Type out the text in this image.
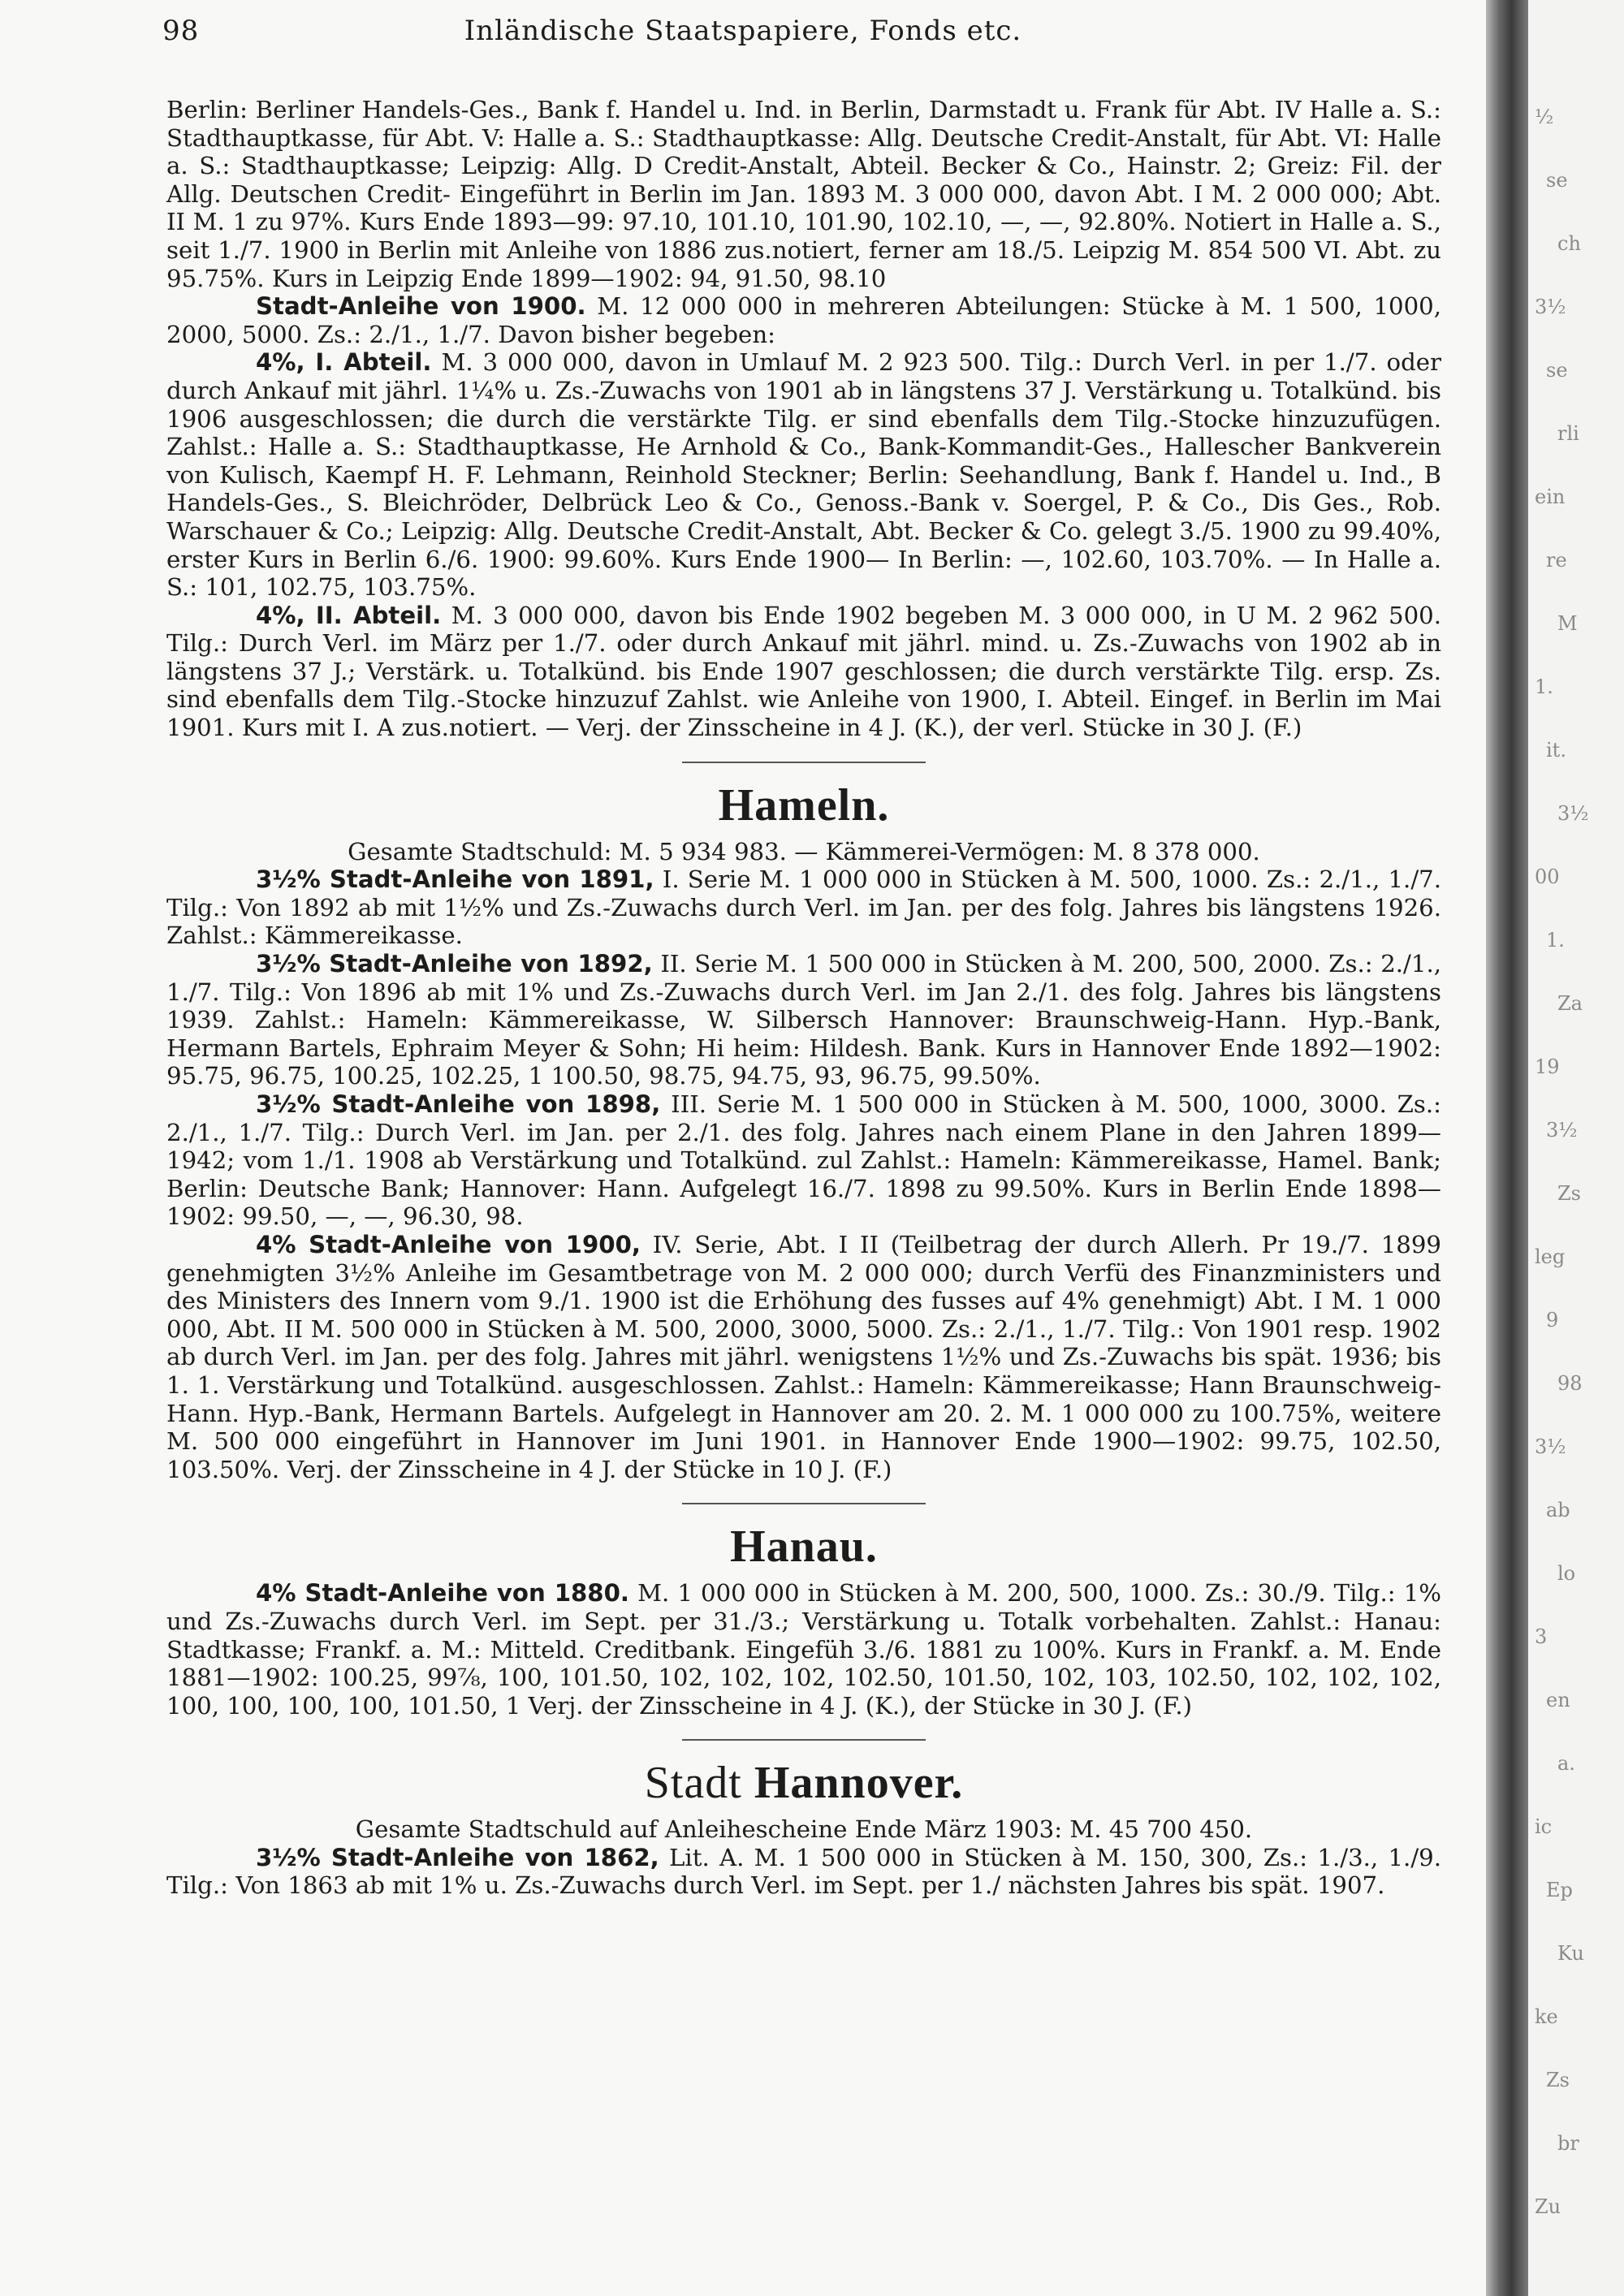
98	Inländische Staatspapiere, Fonds etc.

Berlin: Berliner Handels-Ges., Bank f. Handel u. Ind. in Berlin, Darmstadt u. Frank für Abt. IV Halle a. S.: Stadthauptkasse, für Abt. V: Halle a. S.: Stadthauptkasse: Allg. Deutsche Credit-Anstalt, für Abt. VI: Halle a. S.: Stadthauptkasse; Leipzig: Allg. D Credit-Anstalt, Abteil. Becker & Co., Hainstr. 2; Greiz: Fil. der Allg. Deutschen Credit- Eingeführt in Berlin im Jan. 1893 M. 3 000 000, davon Abt. I M. 2 000 000; Abt. II M. 1 zu 97%. Kurs Ende 1893—99: 97.10, 101.10, 101.90, 102.10, —, —, 92.80%. Notiert in Halle a. S., seit 1./7. 1900 in Berlin mit Anleihe von 1886 zus.notiert, ferner am 18./5. Leipzig M. 854 500 VI. Abt. zu 95.75%. Kurs in Leipzig Ende 1899—1902: 94, 91.50, 98.10

Stadt-Anleihe von 1900. M. 12 000 000 in mehreren Abteilungen: Stücke à M. 1 500, 1000, 2000, 5000. Zs.: 2./1., 1./7. Davon bisher begeben:

4%, I. Abteil. M. 3 000 000, davon in Umlauf M. 2 923 500. Tilg.: Durch Verl. in per 1./7. oder durch Ankauf mit jährl. 1¼% u. Zs.-Zuwachs von 1901 ab in längstens 37 J. Verstärkung u. Totalkünd. bis 1906 ausgeschlossen; die durch die verstärkte Tilg. er sind ebenfalls dem Tilg.-Stocke hinzuzufügen. Zahlst.: Halle a. S.: Stadthauptkasse, He Arnhold & Co., Bank-Kommandit-Ges., Hallescher Bankverein von Kulisch, Kaempf H. F. Lehmann, Reinhold Steckner; Berlin: Seehandlung, Bank f. Handel u. Ind., B Handels-Ges., S. Bleichröder, Delbrück Leo & Co., Genoss.-Bank v. Soergel, P. & Co., Dis Ges., Rob. Warschauer & Co.; Leipzig: Allg. Deutsche Credit-Anstalt, Abt. Becker & Co. gelegt 3./5. 1900 zu 99.40%, erster Kurs in Berlin 6./6. 1900: 99.60%. Kurs Ende 1900— In Berlin: —, 102.60, 103.70%. — In Halle a. S.: 101, 102.75, 103.75%.

4%, II. Abteil. M. 3 000 000, davon bis Ende 1902 begeben M. 3 000 000, in U M. 2 962 500. Tilg.: Durch Verl. im März per 1./7. oder durch Ankauf mit jährl. mind. u. Zs.-Zuwachs von 1902 ab in längstens 37 J.; Verstärk. u. Totalkünd. bis Ende 1907 geschlossen; die durch verstärkte Tilg. ersp. Zs. sind ebenfalls dem Tilg.-Stocke hinzuzuf Zahlst. wie Anleihe von 1900, I. Abteil. Eingef. in Berlin im Mai 1901. Kurs mit I. A zus.notiert. — Verj. der Zinsscheine in 4 J. (K.), der verl. Stücke in 30 J. (F.)

Hameln.

Gesamte Stadtschuld: M. 5 934 983. — Kämmerei-Vermögen: M. 8 378 000.

3½% Stadt-Anleihe von 1891, I. Serie M. 1 000 000 in Stücken à M. 500, 1000. Zs.: 2./1., 1./7. Tilg.: Von 1892 ab mit 1½% und Zs.-Zuwachs durch Verl. im Jan. per des folg. Jahres bis längstens 1926. Zahlst.: Kämmereikasse.

3½% Stadt-Anleihe von 1892, II. Serie M. 1 500 000 in Stücken à M. 200, 500, 2000. Zs.: 2./1., 1./7. Tilg.: Von 1896 ab mit 1% und Zs.-Zuwachs durch Verl. im Jan 2./1. des folg. Jahres bis längstens 1939. Zahlst.: Hameln: Kämmereikasse, W. Silbersch Hannover: Braunschweig-Hann. Hyp.-Bank, Hermann Bartels, Ephraim Meyer & Sohn; Hi heim: Hildesh. Bank. Kurs in Hannover Ende 1892—1902: 95.75, 96.75, 100.25, 102.25, 1 100.50, 98.75, 94.75, 93, 96.75, 99.50%.

3½% Stadt-Anleihe von 1898, III. Serie M. 1 500 000 in Stücken à M. 500, 1000, 3000. Zs.: 2./1., 1./7. Tilg.: Durch Verl. im Jan. per 2./1. des folg. Jahres nach einem Plane in den Jahren 1899—1942; vom 1./1. 1908 ab Verstärkung und Totalkünd. zul Zahlst.: Hameln: Kämmereikasse, Hamel. Bank; Berlin: Deutsche Bank; Hannover: Hann. Aufgelegt 16./7. 1898 zu 99.50%. Kurs in Berlin Ende 1898—1902: 99.50, —, —, 96.30, 98.

4% Stadt-Anleihe von 1900, IV. Serie, Abt. I II (Teilbetrag der durch Allerh. Pr 19./7. 1899 genehmigten 3½% Anleihe im Gesamtbetrage von M. 2 000 000; durch Verfü des Finanzministers und des Ministers des Innern vom 9./1. 1900 ist die Erhöhung des fusses auf 4% genehmigt) Abt. I M. 1 000 000, Abt. II M. 500 000 in Stücken à M. 500, 2000, 3000, 5000. Zs.: 2./1., 1./7. Tilg.: Von 1901 resp. 1902 ab durch Verl. im Jan. per des folg. Jahres mit jährl. wenigstens 1½% und Zs.-Zuwachs bis spät. 1936; bis 1. 1. Verstärkung und Totalkünd. ausgeschlossen. Zahlst.: Hameln: Kämmereikasse; Hann Braunschweig-Hann. Hyp.-Bank, Hermann Bartels. Aufgelegt in Hannover am 20. 2. M. 1 000 000 zu 100.75%, weitere M. 500 000 eingeführt in Hannover im Juni 1901. in Hannover Ende 1900—1902: 99.75, 102.50, 103.50%. Verj. der Zinsscheine in 4 J. der Stücke in 10 J. (F.)

Hanau.

4% Stadt-Anleihe von 1880. M. 1 000 000 in Stücken à M. 200, 500, 1000. Zs.: 30./9. Tilg.: 1% und Zs.-Zuwachs durch Verl. im Sept. per 31./3.; Verstärkung u. Totalk vorbehalten. Zahlst.: Hanau: Stadtkasse; Frankf. a. M.: Mitteld. Creditbank. Eingefüh 3./6. 1881 zu 100%. Kurs in Frankf. a. M. Ende 1881—1902: 100.25, 99⅞, 100, 101.50, 102, 102, 102, 102.50, 101.50, 102, 103, 102.50, 102, 102, 102, 100, 100, 100, 100, 101.50, 1 Verj. der Zinsscheine in 4 J. (K.), der Stücke in 30 J. (F.)

Stadt Hannover.

Gesamte Stadtschuld auf Anleihescheine Ende März 1903: M. 45 700 450.

3½% Stadt-Anleihe von 1862, Lit. A. M. 1 500 000 in Stücken à M. 150, 300, Zs.: 1./3., 1./9. Tilg.: Von 1863 ab mit 1% u. Zs.-Zuwachs durch Verl. im Sept. per 1./ nächsten Jahres bis spät. 1907.

½
se
ch
3½
se
rli
ein
re
M
1.
it.
3½
00
1.
Za
19
3½
Zs
leg
9
98
3½
ab
lo
3
en
a.
ic
Ep
Ku
ke
Zs
br
Zu
